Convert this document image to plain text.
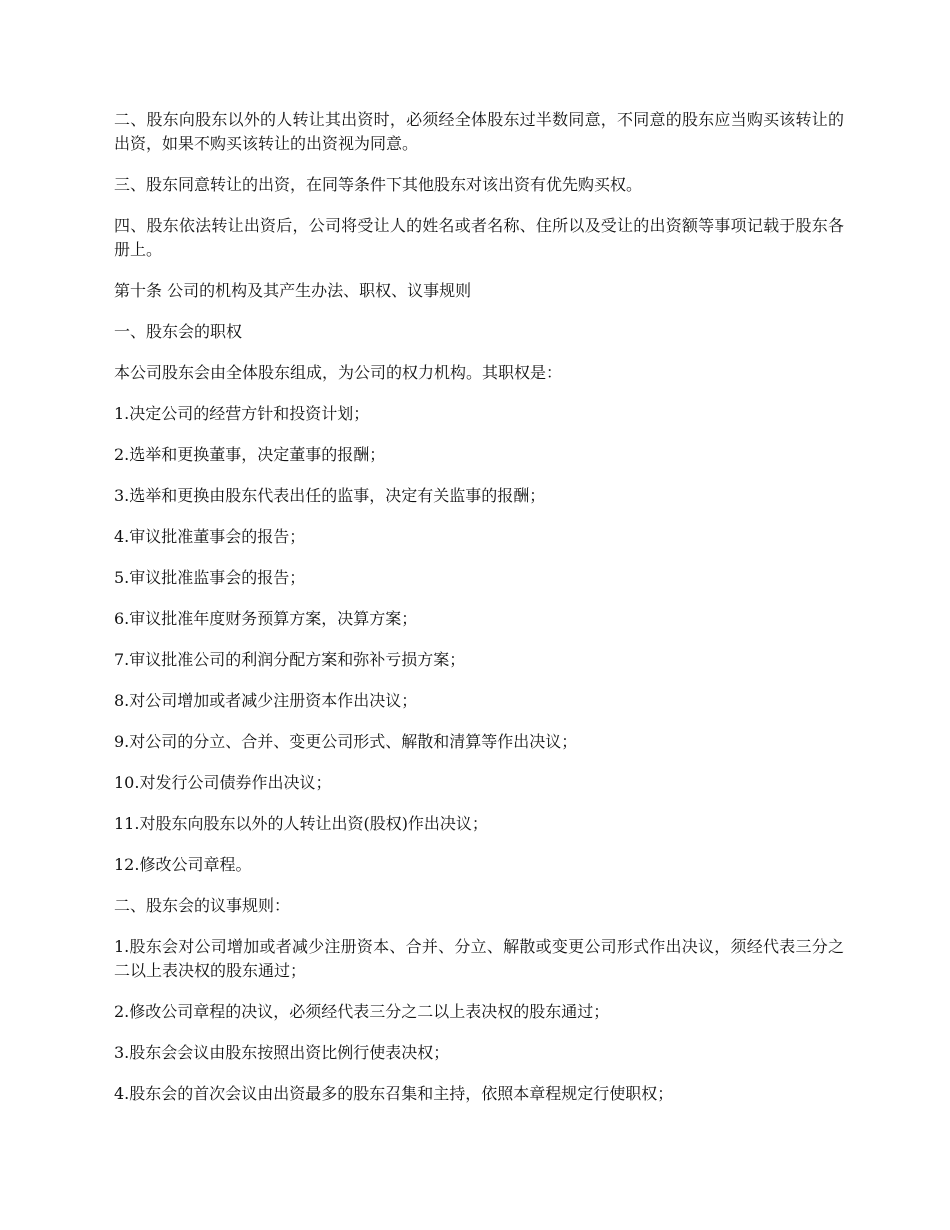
二、股东向股东以外的人转让其出资时，必须经全体股东过半数同意，不同意的股东应当购买该转让的出资，如果不购买该转让的出资视为同意。

三、股东同意转让的出资，在同等条件下其他股东对该出资有优先购买权。

四、股东依法转让出资后，公司将受让人的姓名或者名称、住所以及受让的出资额等事项记载于股东各册上。

第十条 公司的机构及其产生办法、职权、议事规则

一、股东会的职权

本公司股东会由全体股东组成，为公司的权力机构。其职权是：

1.决定公司的经营方针和投资计划；

2.选举和更换董事，决定董事的报酬；

3.选举和更换由股东代表出任的监事，决定有关监事的报酬；

4.审议批准董事会的报告；

5.审议批准监事会的报告；

6.审议批准年度财务预算方案，决算方案；

7.审议批准公司的利润分配方案和弥补亏损方案；

8.对公司增加或者减少注册资本作出决议；

9.对公司的分立、合并、变更公司形式、解散和清算等作出决议；

10.对发行公司债券作出决议；

11.对股东向股东以外的人转让出资(股权)作出决议；

12.修改公司章程。

二、股东会的议事规则：

1.股东会对公司增加或者减少注册资本、合并、分立、解散或变更公司形式作出决议，须经代表三分之二以上表决权的股东通过；

2.修改公司章程的决议，必须经代表三分之二以上表决权的股东通过；

3.股东会会议由股东按照出资比例行使表决权；

4.股东会的首次会议由出资最多的股东召集和主持，依照本章程规定行使职权；
